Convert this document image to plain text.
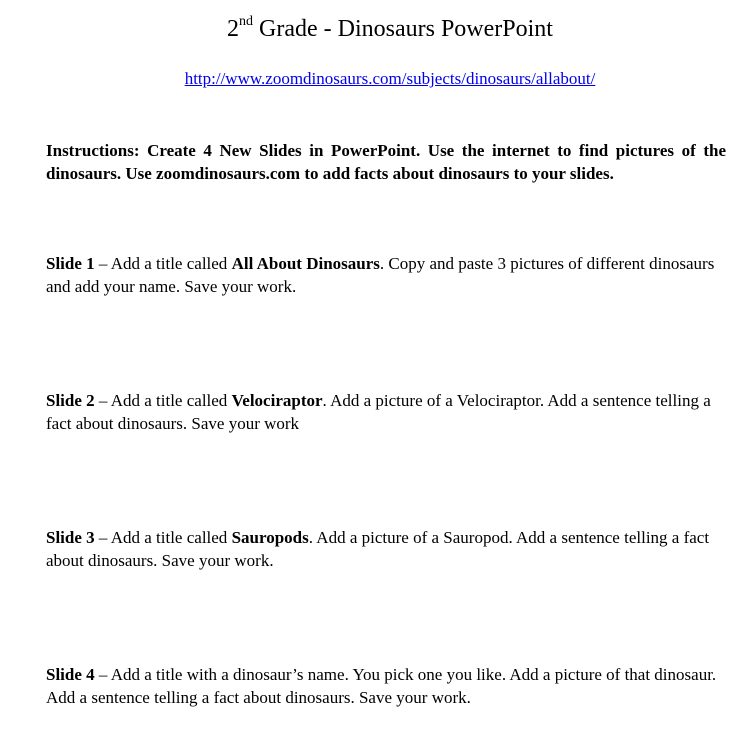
2nd Grade - Dinosaurs PowerPoint
http://www.zoomdinosaurs.com/subjects/dinosaurs/allabout/
Instructions: Create 4 New Slides in PowerPoint. Use the internet to find pictures of the dinosaurs. Use zoomdinosaurs.com to add facts about dinosaurs to your slides.
Slide 1 – Add a title called All About Dinosaurs. Copy and paste 3 pictures of different dinosaurs and add your name. Save your work.
Slide 2 – Add a title called Velociraptor. Add a picture of a Velociraptor. Add a sentence telling a fact about dinosaurs. Save your work
Slide 3 – Add a title called Sauropods. Add a picture of a Sauropod. Add a sentence telling a fact about dinosaurs. Save your work.
Slide 4 – Add a title with a dinosaur’s name. You pick one you like. Add a picture of that dinosaur. Add a sentence telling a fact about dinosaurs. Save your work.
